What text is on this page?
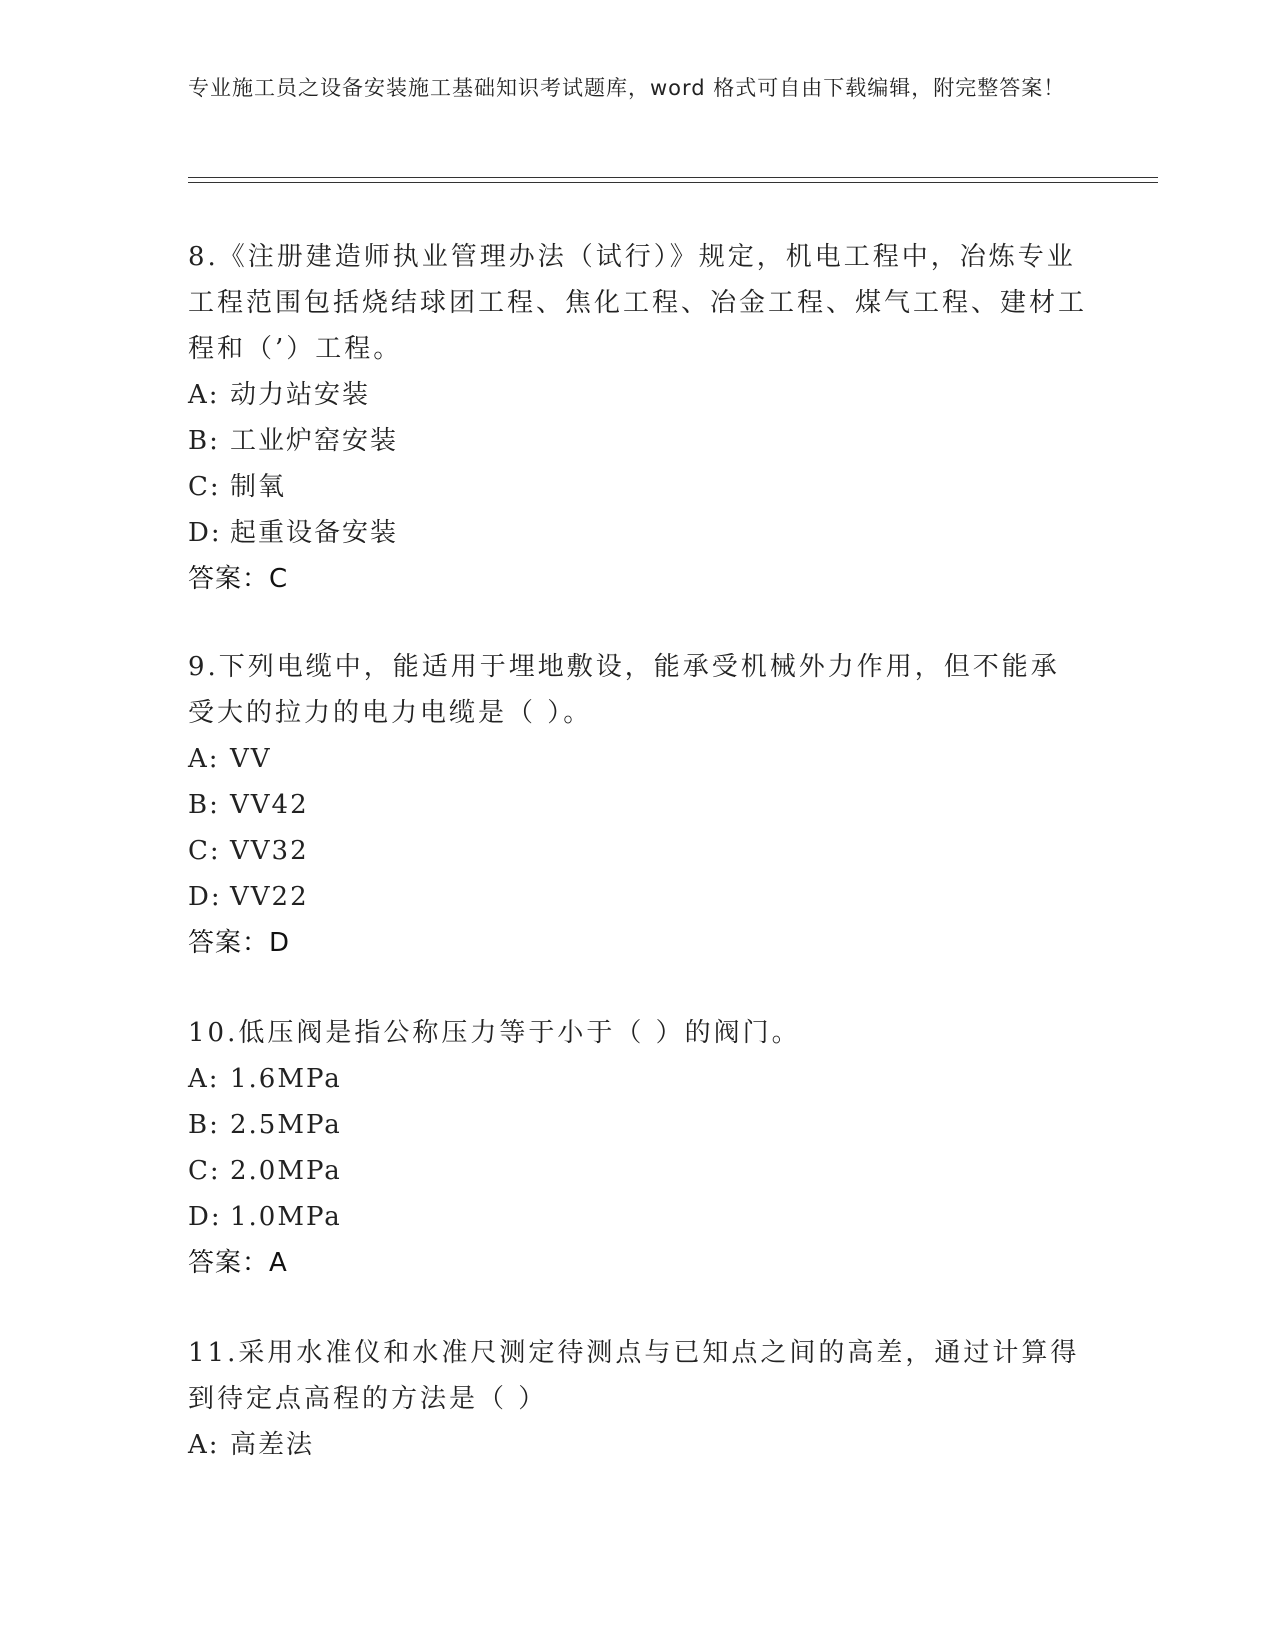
专业施工员之设备安装施工基础知识考试题库，word 格式可自由下载编辑，附完整答案！

8.《注册建造师执业管理办法（试行）》规定，机电工程中，冶炼专业工程范围包括烧结球团工程、焦化工程、冶金工程、煤气工程、建材工程和（’）工程。

A: 动力站安装

B: 工业炉窑安装

C: 制氧

D: 起重设备安装

答案：C

9.下列电缆中，能适用于埋地敷设，能承受机械外力作用，但不能承受大的拉力的电力电缆是（ ）。

A: VV

B: VV42

C: VV32

D: VV22

答案：D

10.低压阀是指公称压力等于小于（ ）的阀门。

A: 1.6MPa

B: 2.5MPa

C: 2.0MPa

D: 1.0MPa

答案：A

11.采用水准仪和水准尺测定待测点与已知点之间的高差，通过计算得到待定点高程的方法是（ ）

A: 高差法
